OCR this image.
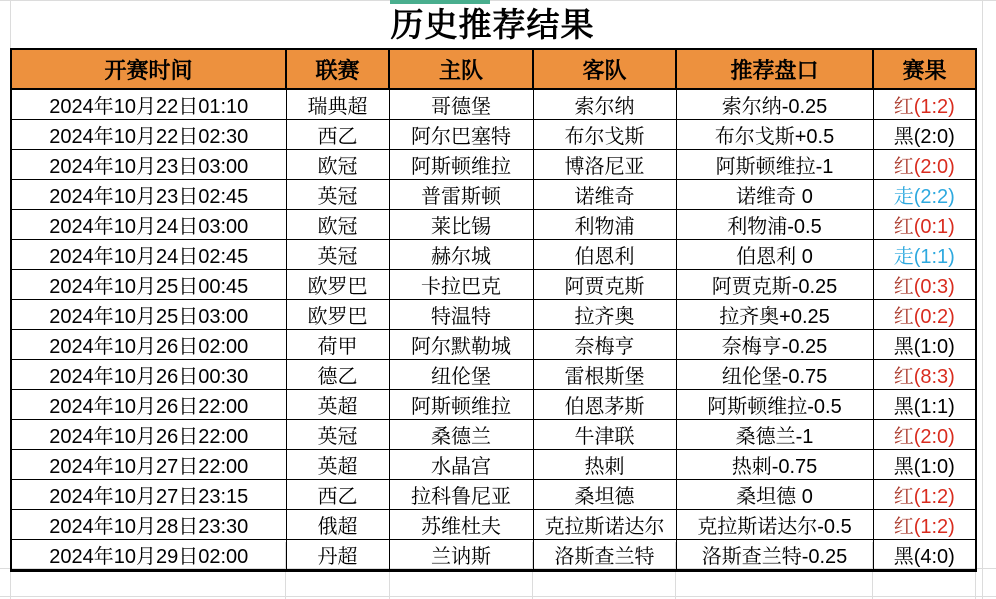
历史推荐结果
开赛时间	联赛	主队	客队	推荐盘口	赛果
2024年10月22日01:10	瑞典超	哥德堡	索尔纳	索尔纳-0.25	红(1:2)
2024年10月22日02:30	西乙	阿尔巴塞特	布尔戈斯	布尔戈斯+0.5	黑(2:0)
2024年10月23日03:00	欧冠	阿斯顿维拉	博洛尼亚	阿斯顿维拉-1	红(2:0)
2024年10月23日02:45	英冠	普雷斯顿	诺维奇	诺维奇 0	走(2:2)
2024年10月24日03:00	欧冠	莱比锡	利物浦	利物浦-0.5	红(0:1)
2024年10月24日02:45	英冠	赫尔城	伯恩利	伯恩利 0	走(1:1)
2024年10月25日00:45	欧罗巴	卡拉巴克	阿贾克斯	阿贾克斯-0.25	红(0:3)
2024年10月25日03:00	欧罗巴	特温特	拉齐奥	拉齐奥+0.25	红(0:2)
2024年10月26日02:00	荷甲	阿尔默勒城	奈梅亨	奈梅亨-0.25	黑(1:0)
2024年10月26日00:30	德乙	纽伦堡	雷根斯堡	纽伦堡-0.75	红(8:3)
2024年10月26日22:00	英超	阿斯顿维拉	伯恩茅斯	阿斯顿维拉-0.5	黑(1:1)
2024年10月26日22:00	英冠	桑德兰	牛津联	桑德兰-1	红(2:0)
2024年10月27日22:00	英超	水晶宫	热刺	热刺-0.75	黑(1:0)
2024年10月27日23:15	西乙	拉科鲁尼亚	桑坦德	桑坦德 0	红(1:2)
2024年10月28日23:30	俄超	苏维杜夫	克拉斯诺达尔	克拉斯诺达尔-0.5	红(1:2)
2024年10月29日02:00	丹超	兰讷斯	洛斯查兰特	洛斯查兰特-0.25	黑(4:0)
